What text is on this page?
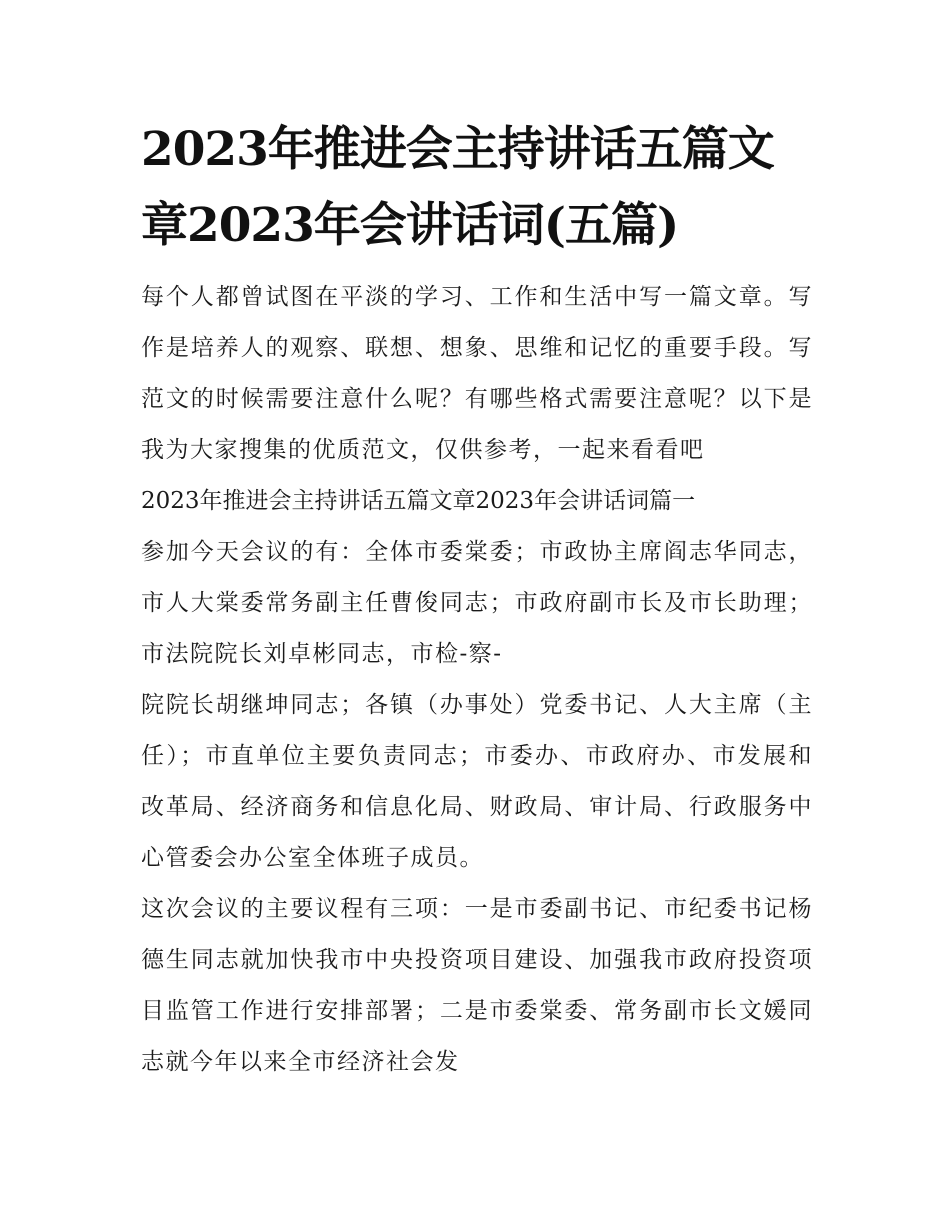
2023年推进会主持讲话五篇文章2023年会讲话词(五篇)

每个人都曾试图在平淡的学习、工作和生活中写一篇文章。写作是培养人的观察、联想、想象、思维和记忆的重要手段。写范文的时候需要注意什么呢？有哪些格式需要注意呢？以下是我为大家搜集的优质范文，仅供参考，一起来看看吧

2023年推进会主持讲话五篇文章2023年会讲话词篇一

参加今天会议的有：全体市委棠委；市政协主席阎志华同志，市人大棠委常务副主任曹俊同志；市政府副市长及市长助理；市法院院长刘卓彬同志，市检-察-

院院长胡继坤同志；各镇（办事处）党委书记、人大主席（主任）；市直单位主要负责同志；市委办、市政府办、市发展和改革局、经济商务和信息化局、财政局、审计局、行政服务中心管委会办公室全体班子成员。

这次会议的主要议程有三项：一是市委副书记、市纪委书记杨德生同志就加快我市中央投资项目建设、加强我市政府投资项目监管工作进行安排部署；二是市委棠委、常务副市长文媛同志就今年以来全市经济社会发
